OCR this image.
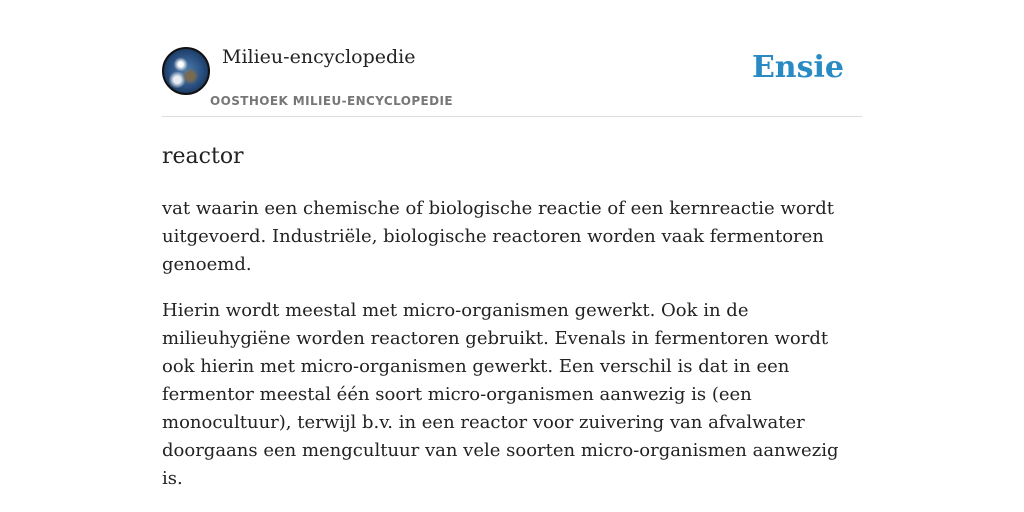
Milieu-encyclopedie
OOSTHOEK MILIEU-ENCYCLOPEDIE
Ensie
reactor

vat waarin een chemische of biologische reactie of een kernreactie wordt uitgevoerd. Industriële, biologische reactoren worden vaak fermentoren genoemd.

Hierin wordt meestal met micro-organismen gewerkt. Ook in de milieuhygiëne worden reactoren gebruikt. Evenals in fermentoren wordt ook hierin met micro-organismen gewerkt. Een verschil is dat in een fermentor meestal één soort micro-organismen aanwezig is (een monocultuur), terwijl b.v. in een reactor voor zuivering van afvalwater doorgaans een mengcultuur van vele soorten micro-organismen aanwezig is.
